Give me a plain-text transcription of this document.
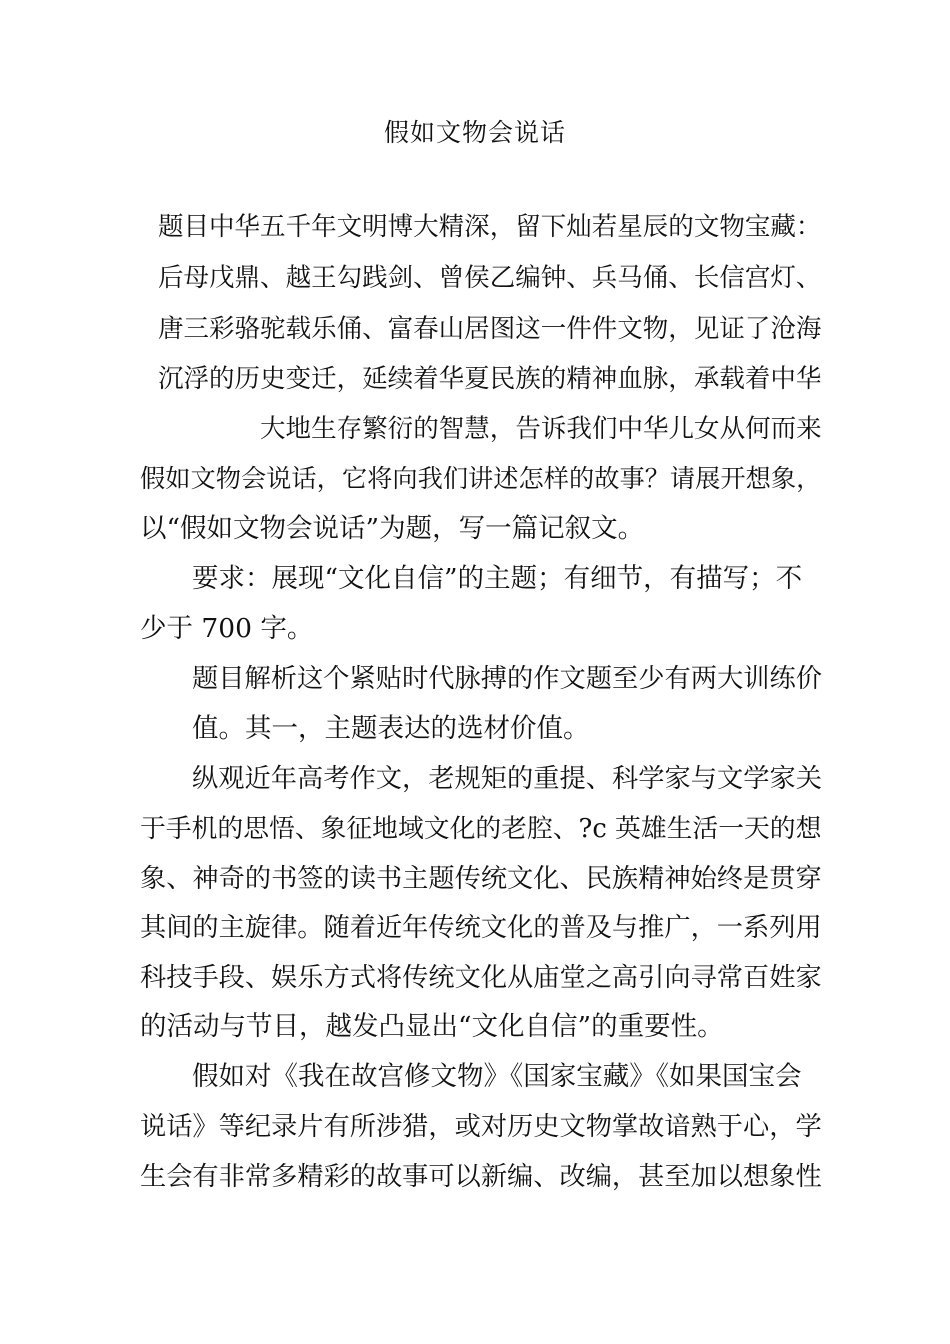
假如文物会说话
题目中华五千年文明博大精深，留下灿若星辰的文物宝藏：
后母戊鼎、越王勾践剑、曾侯乙编钟、兵马俑、长信宫灯、
唐三彩骆驼载乐俑、富春山居图这一件件文物，见证了沧海
沉浮的历史变迁，延续着华夏民族的精神血脉，承载着中华
大地生存繁衍的智慧，告诉我们中华儿女从何而来
假如文物会说话，它将向我们讲述怎样的故事？请展开想象，
以“假如文物会说话”为题，写一篇记叙文。
要求：展现“文化自信”的主题；有细节，有描写；不
少于 700 字。
题目解析这个紧贴时代脉搏的作文题至少有两大训练价
值。其一，主题表达的选材价值。
纵观近年高考作文，老规矩的重提、科学家与文学家关
于手机的思悟、象征地域文化的老腔、?c 英雄生活一天的想
象、神奇的书签的读书主题传统文化、民族精神始终是贯穿
其间的主旋律。随着近年传统文化的普及与推广，一系列用
科技手段、娱乐方式将传统文化从庙堂之高引向寻常百姓家
的活动与节目，越发凸显出“文化自信”的重要性。
假如对《我在故宫修文物》《国家宝藏》《如果国宝会
说话》等纪录片有所涉猎，或对历史文物掌故谙熟于心，学
生会有非常多精彩的故事可以新编、改编，甚至加以想象性
